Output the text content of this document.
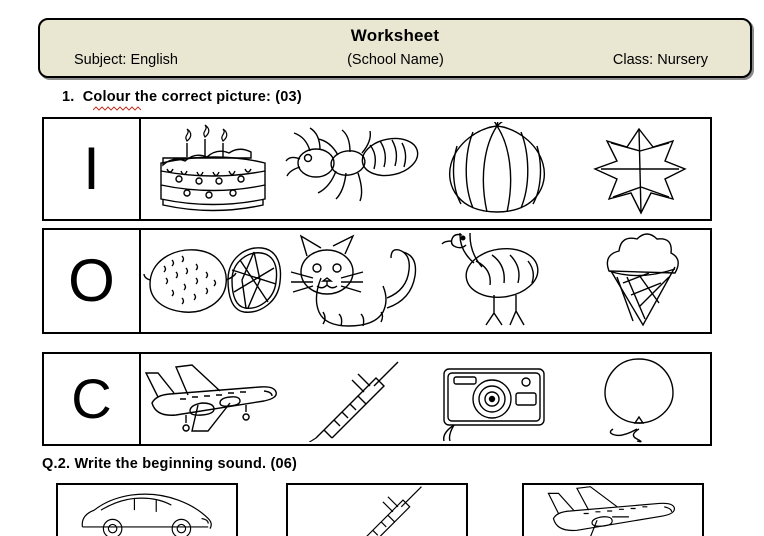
Worksheet
Subject: English	(School Name)	Class: Nursery
1. Colour the correct picture: (03)
I
O
C
Q.2. Write the beginning sound. (06)
